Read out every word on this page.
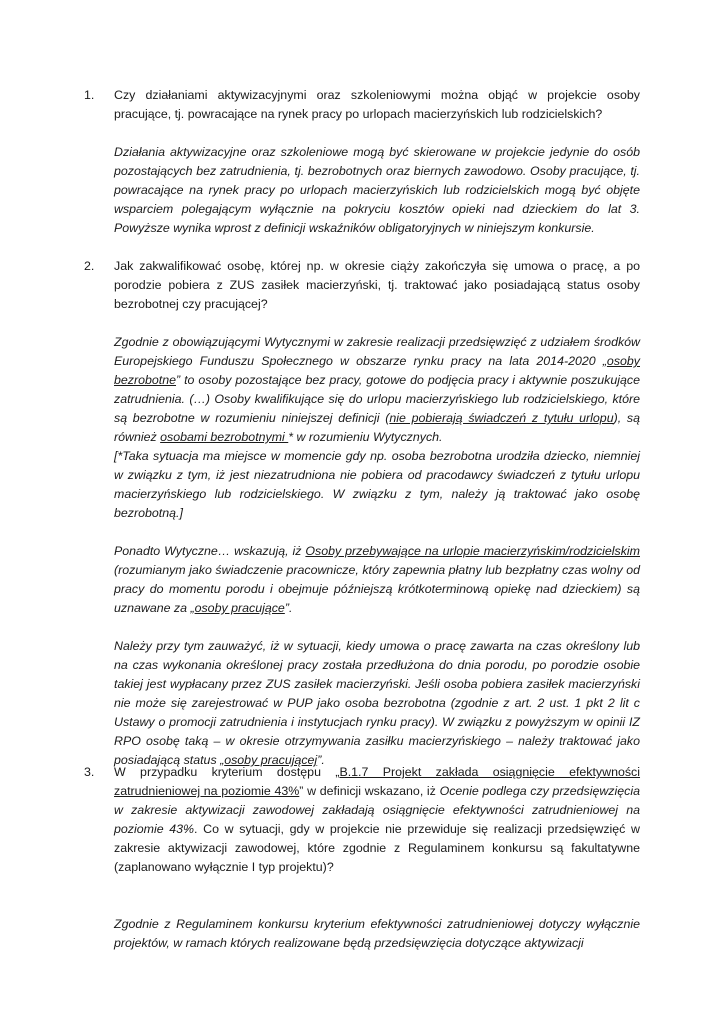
1. Czy działaniami aktywizacyjnymi oraz szkoleniowymi można objąć w projekcie osoby pracujące, tj. powracające na rynek pracy po urlopach macierzyńskich lub rodzicielskich?

Działania aktywizacyjne oraz szkoleniowe mogą być skierowane w projekcie jedynie do osób pozostających bez zatrudnienia, tj. bezrobotnych oraz biernych zawodowo. Osoby pracujące, tj. powracające na rynek pracy po urlopach macierzyńskich lub rodzicielskich mogą być objęte wsparciem polegającym wyłącznie na pokryciu kosztów opieki nad dzieckiem do lat 3. Powyższe wynika wprost z definicji wskaźników obligatoryjnych w niniejszym konkursie.

2. Jak zakwalifikować osobę, której np. w okresie ciąży zakończyła się umowa o pracę, a po porodzie pobiera z ZUS zasiłek macierzyński, tj. traktować jako posiadającą status osoby bezrobotnej czy pracującej?

Zgodnie z obowiązującymi Wytycznymi w zakresie realizacji przedsięwzięć z udziałem środków Europejskiego Funduszu Społecznego w obszarze rynku pracy na lata 2014-2020 „osoby bezrobotne” to osoby pozostające bez pracy, gotowe do podjęcia pracy i aktywnie poszukujące zatrudnienia. (…) Osoby kwalifikujące się do urlopu macierzyńskiego lub rodzicielskiego, które są bezrobotne w rozumieniu niniejszej definicji (nie pobierają świadczeń z tytułu urlopu), są również osobami bezrobotnymi * w rozumieniu Wytycznych.

[*Taka sytuacja ma miejsce w momencie gdy np. osoba bezrobotna urodziła dziecko, niemniej w związku z tym, iż jest niezatrudniona nie pobiera od pracodawcy świadczeń z tytułu urlopu macierzyńskiego lub rodzicielskiego. W związku z tym, należy ją traktować jako osobę bezrobotną.]

Ponadto Wytyczne… wskazują, iż Osoby przebywające na urlopie macierzyńskim/rodzicielskim (rozumianym jako świadczenie pracownicze, który zapewnia płatny lub bezpłatny czas wolny od pracy do momentu porodu i obejmuje późniejszą krótkoterminową opiekę nad dzieckiem) są uznawane za „osoby pracujące”.

Należy przy tym zauważyć, iż w sytuacji, kiedy umowa o pracę zawarta na czas określony lub na czas wykonania określonej pracy została przedłużona do dnia porodu, po porodzie osobie takiej jest wypłacany przez ZUS zasiłek macierzyński. Jeśli osoba pobiera zasiłek macierzyński nie może się zarejestrować w PUP jako osoba bezrobotna (zgodnie z art. 2 ust. 1 pkt 2 lit c Ustawy o promocji zatrudnienia i instytucjach rynku pracy). W związku z powyższym w opinii IZ RPO osobę taką – w okresie otrzymywania zasiłku macierzyńskiego – należy traktować jako posiadającą status „osoby pracującej”.

3. W przypadku kryterium dostępu „B.1.7 Projekt zakłada osiągnięcie efektywności zatrudnieniowej na poziomie 43%” w definicji wskazano, iż Ocenie podlega czy przedsięwzięcia w zakresie aktywizacji zawodowej zakładają osiągnięcie efektywności zatrudnieniowej na poziomie 43%. Co w sytuacji, gdy w projekcie nie przewiduje się realizacji przedsięwzięć w zakresie aktywizacji zawodowej, które zgodnie z Regulaminem konkursu są fakultatywne (zaplanowano wyłącznie I typ projektu)?

Zgodnie z Regulaminem konkursu kryterium efektywności zatrudnieniowej dotyczy wyłącznie projektów, w ramach których realizowane będą przedsięwzięcia dotyczące aktywizacji
